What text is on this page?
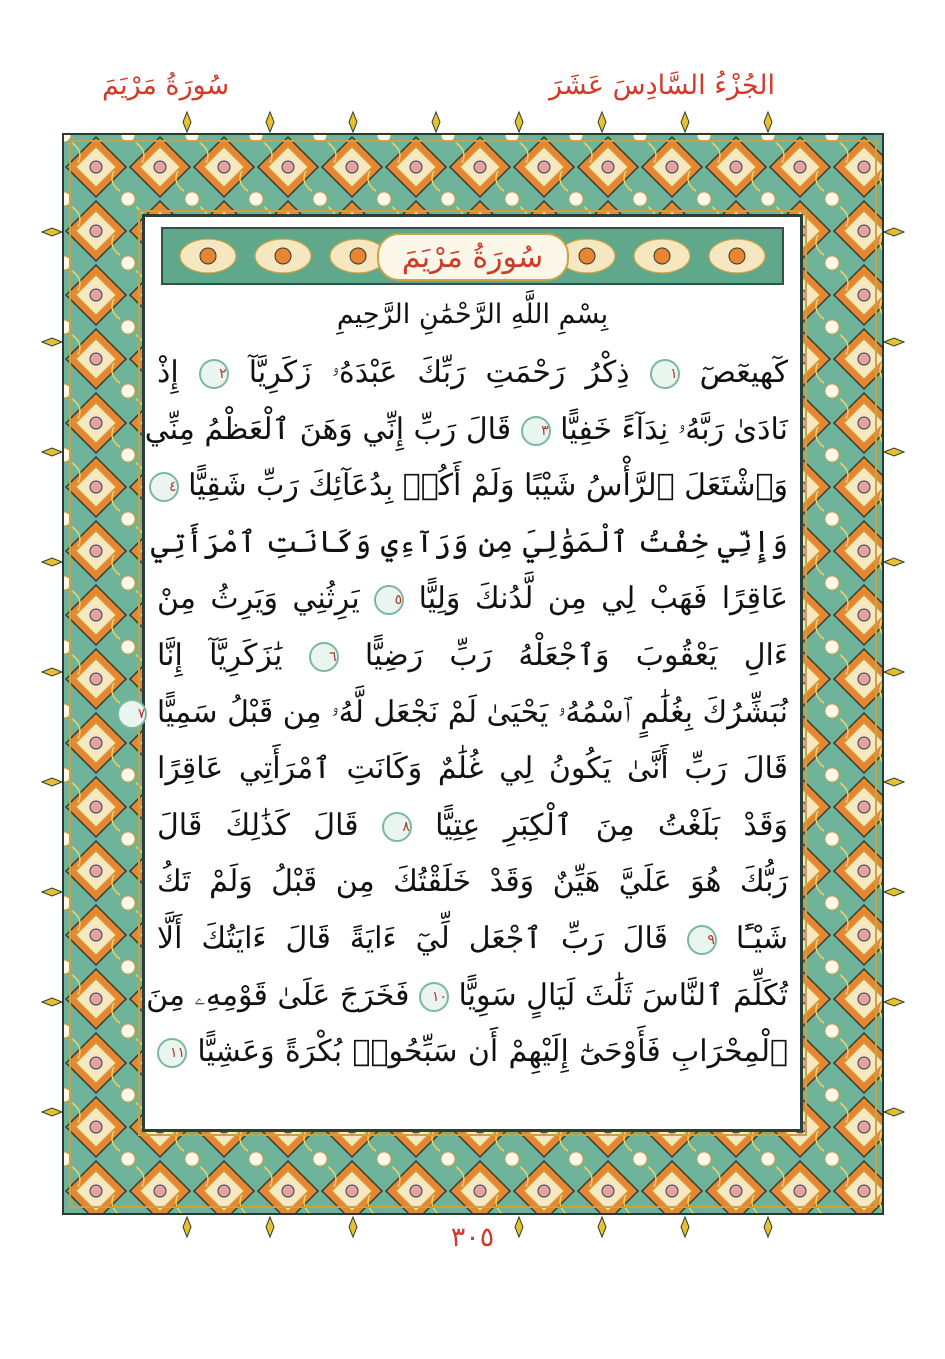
سُورَةُ مَرْيَمَ	الجُزْءُ السَّادِسَ عَشَرَ
سُورَةُ مَرْيَمَ
بِسْمِ اللَّهِ الرَّحْمَٰنِ الرَّحِيمِ
كٓهيعٓصٓ ١ ذِكْرُ رَحْمَتِ رَبِّكَ عَبْدَهُۥ زَكَرِيَّآ ٢ إِذْ
نَادَىٰ رَبَّهُۥ نِدَآءً خَفِيًّا ٣ قَالَ رَبِّ إِنِّي وَهَنَ ٱلْعَظْمُ مِنِّي
وَٱشْتَعَلَ ٱلرَّأْسُ شَيْبًا وَلَمْ أَكُنۢ بِدُعَآئِكَ رَبِّ شَقِيًّا ٤
وَإِنِّي خِفْتُ ٱلْمَوَٰلِيَ مِن وَرَآءِي وَكَانَتِ ٱمْرَأَتِي
عَاقِرًا فَهَبْ لِي مِن لَّدُنكَ وَلِيًّا ٥ يَرِثُنِي وَيَرِثُ مِنْ
ءَالِ يَعْقُوبَ وَٱجْعَلْهُ رَبِّ رَضِيًّا ٦ يَٰزَكَرِيَّآ إِنَّا
نُبَشِّرُكَ بِغُلَٰمٍ ٱسْمُهُۥ يَحْيَىٰ لَمْ نَجْعَل لَّهُۥ مِن قَبْلُ سَمِيًّا ٧
قَالَ رَبِّ أَنَّىٰ يَكُونُ لِي غُلَٰمٌ وَكَانَتِ ٱمْرَأَتِي عَاقِرًا
وَقَدْ بَلَغْتُ مِنَ ٱلْكِبَرِ عِتِيًّا ٨ قَالَ كَذَٰلِكَ قَالَ
رَبُّكَ هُوَ عَلَيَّ هَيِّنٌ وَقَدْ خَلَقْتُكَ مِن قَبْلُ وَلَمْ تَكُ
شَيْـًٔا ٩ قَالَ رَبِّ ٱجْعَل لِّيٓ ءَايَةً قَالَ ءَايَتُكَ أَلَّا
تُكَلِّمَ ٱلنَّاسَ ثَلَٰثَ لَيَالٍ سَوِيًّا ١٠ فَخَرَجَ عَلَىٰ قَوْمِهِۦ مِنَ
ٱلْمِحْرَابِ فَأَوْحَىٰٓ إِلَيْهِمْ أَن سَبِّحُوا۟ بُكْرَةً وَعَشِيًّا ١١
٣٠٥
